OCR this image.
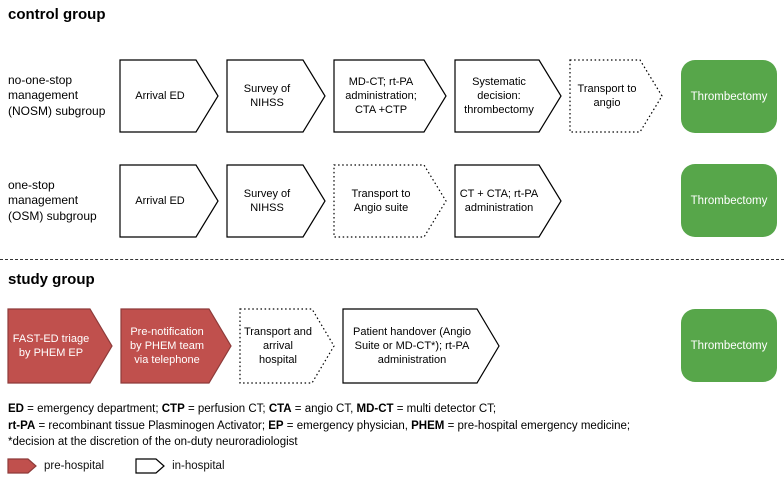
control group
no-one-stop management (NOSM) subgroup
Arrival ED
Survey of NIHSS
MD-CT; rt-PA administration; CTA +CTP
Systematic decision: thrombectomy
Transport to angio
Thrombectomy
one-stop management (OSM) subgroup
Arrival ED
Survey of NIHSS
Transport to Angio suite
CT + CTA; rt-PA administration
Thrombectomy
study group
FAST-ED triage by PHEM EP
Pre-notification by PHEM team via telephone
Transport and arrival hospital
Patient handover (Angio Suite or MD-CT*); rt-PA administration
Thrombectomy
ED = emergency department; CTP = perfusion CT; CTA = angio CT, MD-CT = multi detector CT;
rt-PA = recombinant tissue Plasminogen Activator; EP = emergency physician, PHEM = pre-hospital emergency medicine;
*decision at the discretion of the on-duty neuroradiologist
pre-hospital	in-hospital
